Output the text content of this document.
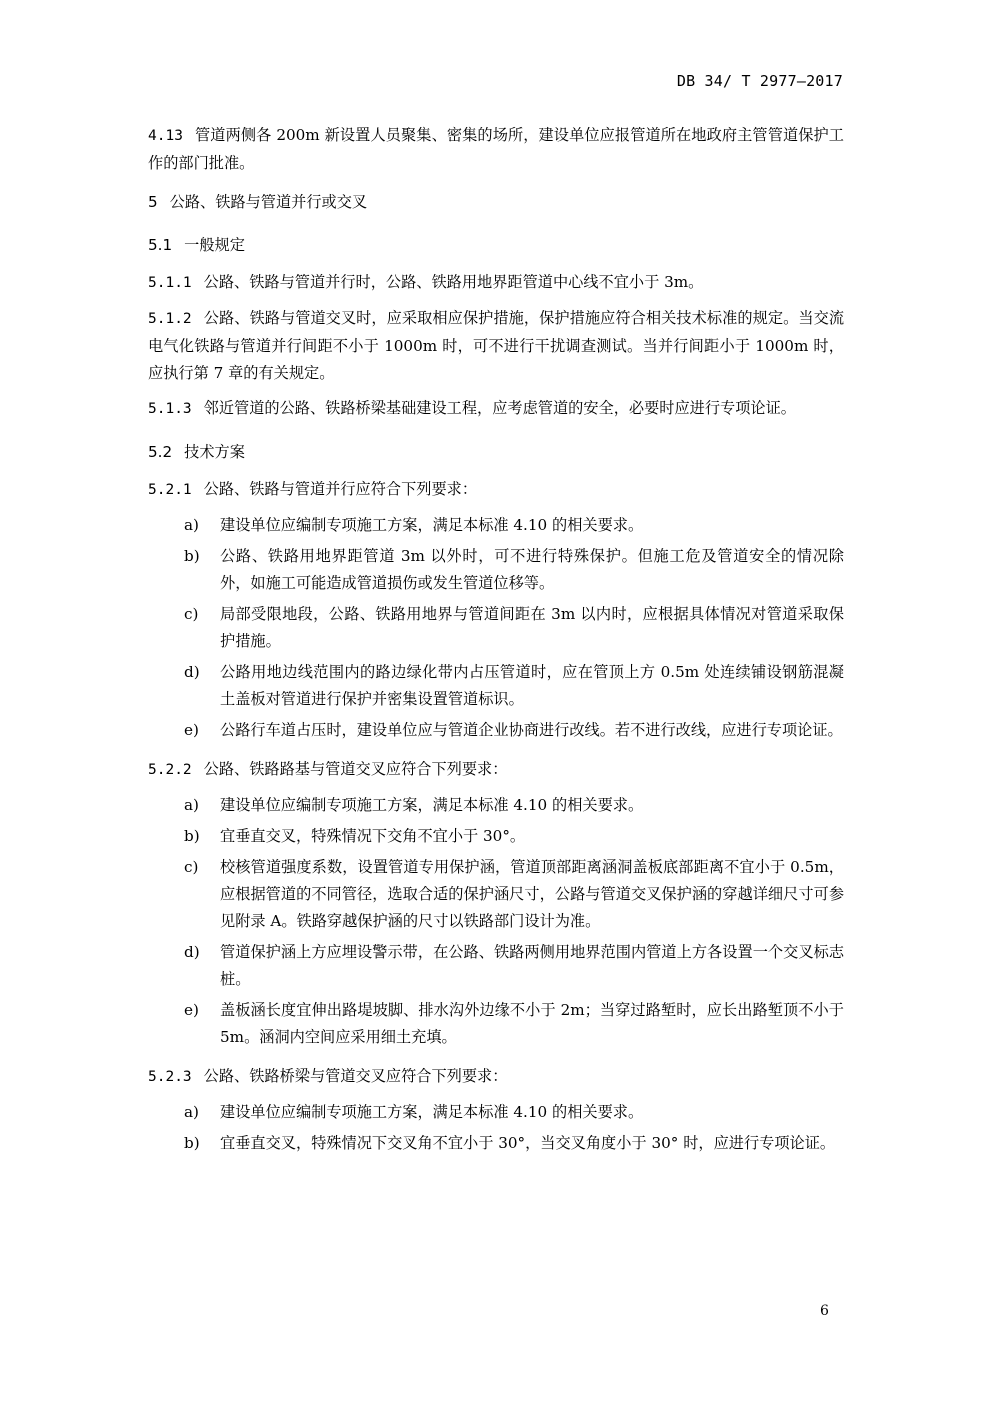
DB 34/ T 2977—2017

4.13 管道两侧各 200m 新设置人员聚集、密集的场所，建设单位应报管道所在地政府主管管道保护工作的部门批准。

5 公路、铁路与管道并行或交叉
5.1 一般规定

5.1.1 公路、铁路与管道并行时，公路、铁路用地界距管道中心线不宜小于 3m。

5.1.2 公路、铁路与管道交叉时，应采取相应保护措施，保护措施应符合相关技术标准的规定。当交流电气化铁路与管道并行间距不小于 1000m 时，可不进行干扰调查测试。当并行间距小于 1000m 时，应执行第 7 章的有关规定。

5.1.3 邻近管道的公路、铁路桥梁基础建设工程，应考虑管道的安全，必要时应进行专项论证。

5.2 技术方案

5.2.1 公路、铁路与管道并行应符合下列要求：

a) 建设单位应编制专项施工方案，满足本标准 4.10 的相关要求。
b) 公路、铁路用地界距管道 3m 以外时，可不进行特殊保护。但施工危及管道安全的情况除外，如施工可能造成管道损伤或发生管道位移等。
c) 局部受限地段，公路、铁路用地界与管道间距在 3m 以内时，应根据具体情况对管道采取保护措施。
d) 公路用地边线范围内的路边绿化带内占压管道时，应在管顶上方 0.5m 处连续铺设钢筋混凝土盖板对管道进行保护并密集设置管道标识。
e) 公路行车道占压时，建设单位应与管道企业协商进行改线。若不进行改线，应进行专项论证。

5.2.2 公路、铁路路基与管道交叉应符合下列要求：

a) 建设单位应编制专项施工方案，满足本标准 4.10 的相关要求。
b) 宜垂直交叉，特殊情况下交角不宜小于 30°。
c) 校核管道强度系数，设置管道专用保护涵，管道顶部距离涵洞盖板底部距离不宜小于 0.5m，应根据管道的不同管径，选取合适的保护涵尺寸，公路与管道交叉保护涵的穿越详细尺寸可参见附录 A。铁路穿越保护涵的尺寸以铁路部门设计为准。
d) 管道保护涵上方应埋设警示带，在公路、铁路两侧用地界范围内管道上方各设置一个交叉标志桩。
e) 盖板涵长度宜伸出路堤坡脚、排水沟外边缘不小于 2m；当穿过路堑时，应长出路堑顶不小于 5m。涵洞内空间应采用细土充填。

5.2.3 公路、铁路桥梁与管道交叉应符合下列要求：

a) 建设单位应编制专项施工方案，满足本标准 4.10 的相关要求。
b) 宜垂直交叉，特殊情况下交叉角不宜小于 30°，当交叉角度小于 30° 时，应进行专项论证。
6
